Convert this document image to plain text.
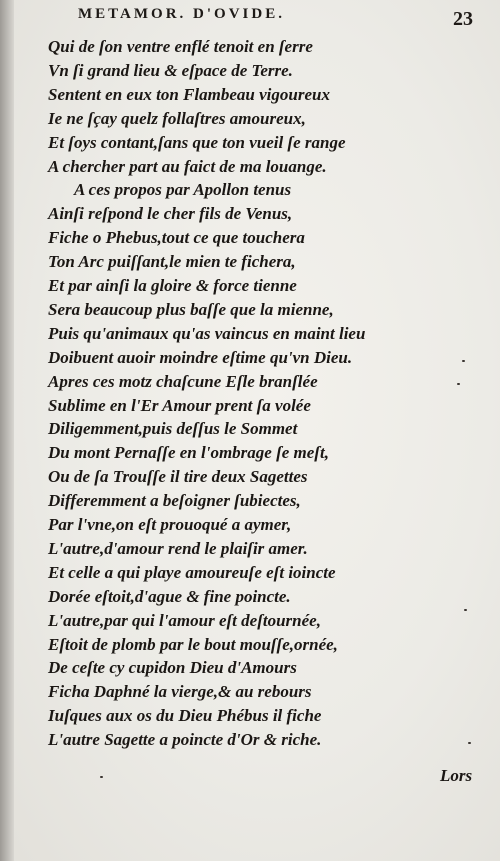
METAMOR. D'OVIDE.	23
Qui de ſon ventre enflé tenoit en ſerre
Vn ſi grand lieu & eſpace de Terre.
Sentent en eux ton Flambeau vigoureux
Ie ne ſçay quelz follaſtres amoureux,
Et ſoys contant,ſans que ton vueil ſe range
A chercher part au faict de ma louange.
A ces propos par Apollon tenus
Ainſi reſpond le cher fils de Venus,
Fiche o Phebus,tout ce que touchera
Ton Arc puiſſant,le mien te fichera,
Et par ainſi la gloire & force tienne
Sera beaucoup plus baſſe que la mienne,
Puis qu'animaux qu'as vaincus en maint lieu
Doibuent auoir moindre eſtime qu'vn Dieu.
Apres ces motz chaſcune Eſle branſlée
Sublime en l'Er Amour prent ſa volée
Diligemment,puis deſſus le Sommet
Du mont Pernaſſe en l'ombrage ſe meſt,
Ou de ſa Trouſſe il tire deux Sagettes
Differemment a beſoigner ſubiectes,
Par l'vne,on eſt prouoqué a aymer,
L'autre,d'amour rend le plaiſir amer.
Et celle a qui playe amoureuſe eſt ioincte
Dorée eſtoit,d'ague & fine poincte.
L'autre,par qui l'amour eſt deſtournée,
Eſtoit de plomb par le bout mouſſe,ornée,
De ceſte cy cupidon Dieu d'Amours
Ficha Daphné la vierge,& au rebours
Iuſques aux os du Dieu Phébus il fiche
L'autre Sagette a poincte d'Or & riche.
Lors
